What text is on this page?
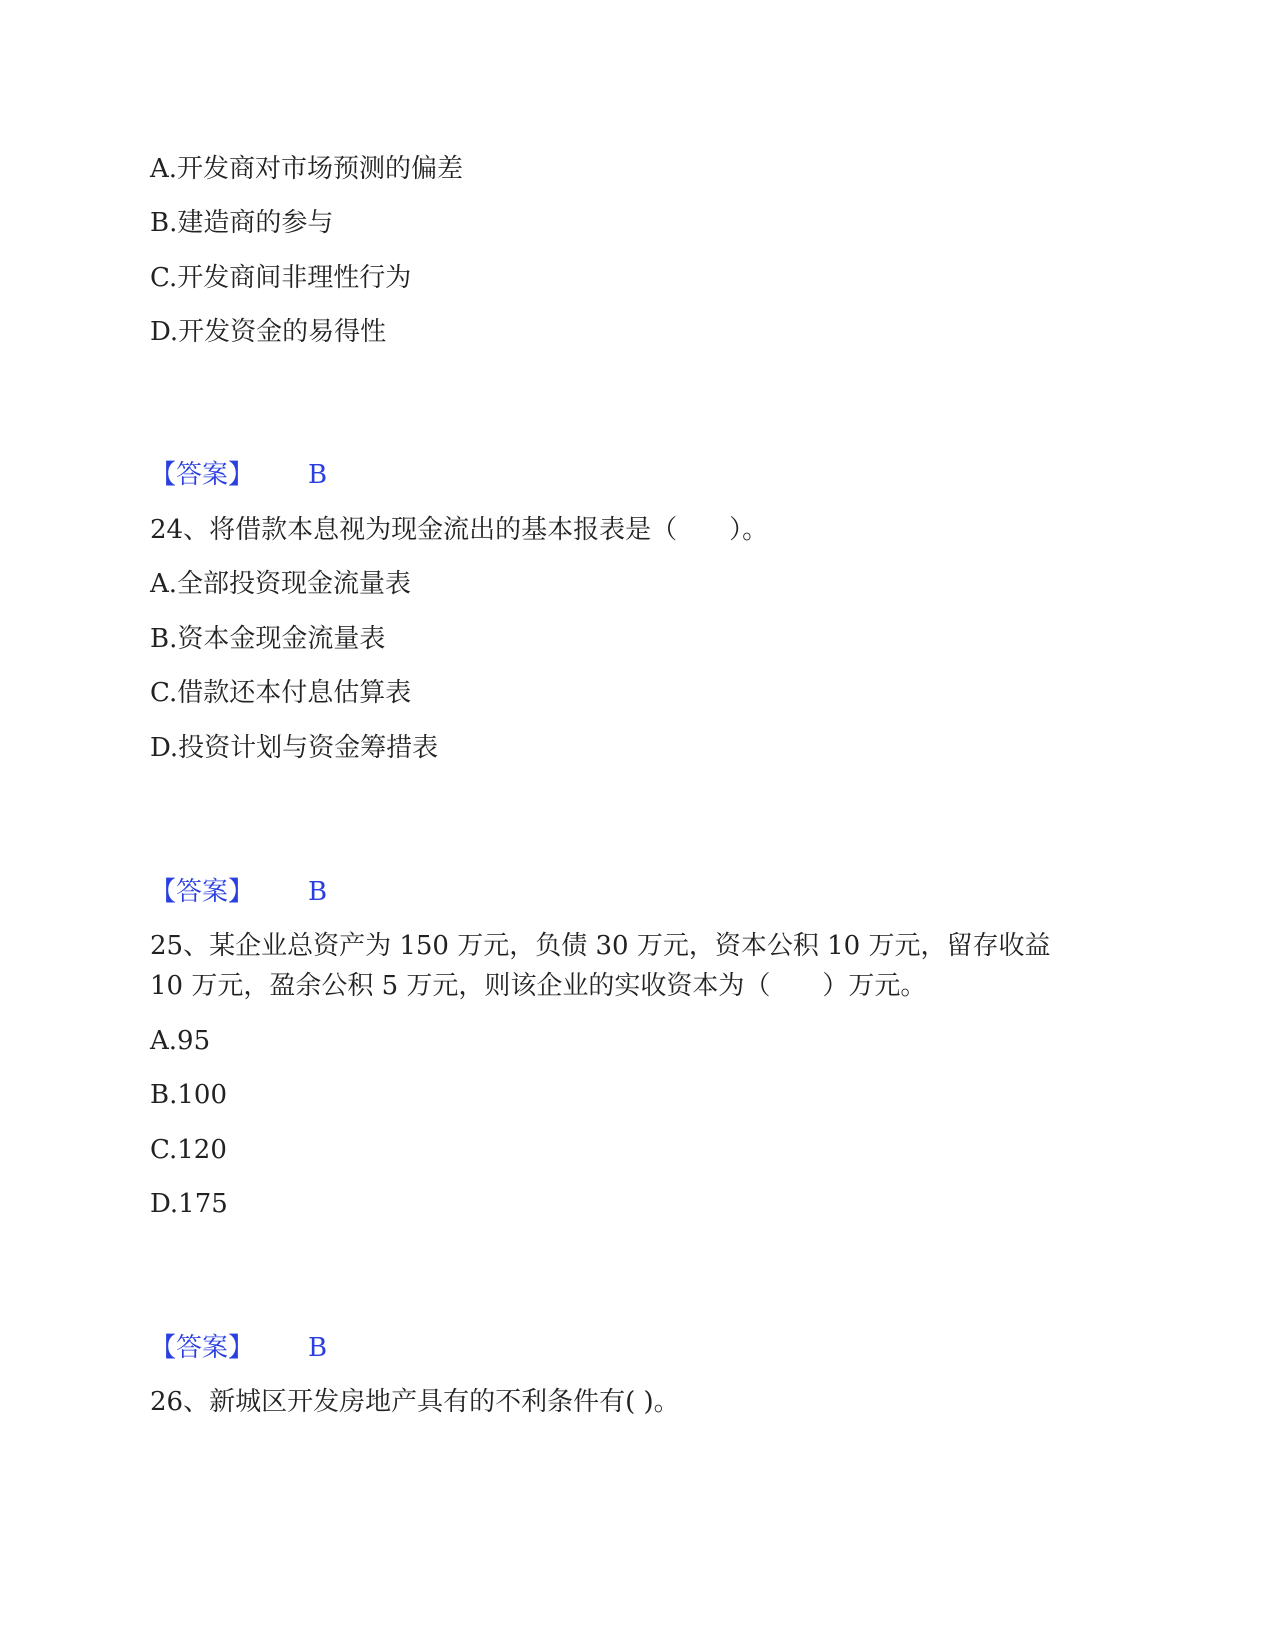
A.开发商对市场预测的偏差
B.建造商的参与
C.开发商间非理性行为
D.开发资金的易得性
【答案】 B
24、将借款本息视为现金流出的基本报表是（　　）。
A.全部投资现金流量表
B.资本金现金流量表
C.借款还本付息估算表
D.投资计划与资金筹措表
【答案】 B
25、某企业总资产为 150 万元，负债 30 万元，资本公积 10 万元，留存收益
10 万元，盈余公积 5 万元，则该企业的实收资本为（　　）万元。
A.95
B.100
C.120
D.175
【答案】 B
26、新城区开发房地产具有的不利条件有( )。
